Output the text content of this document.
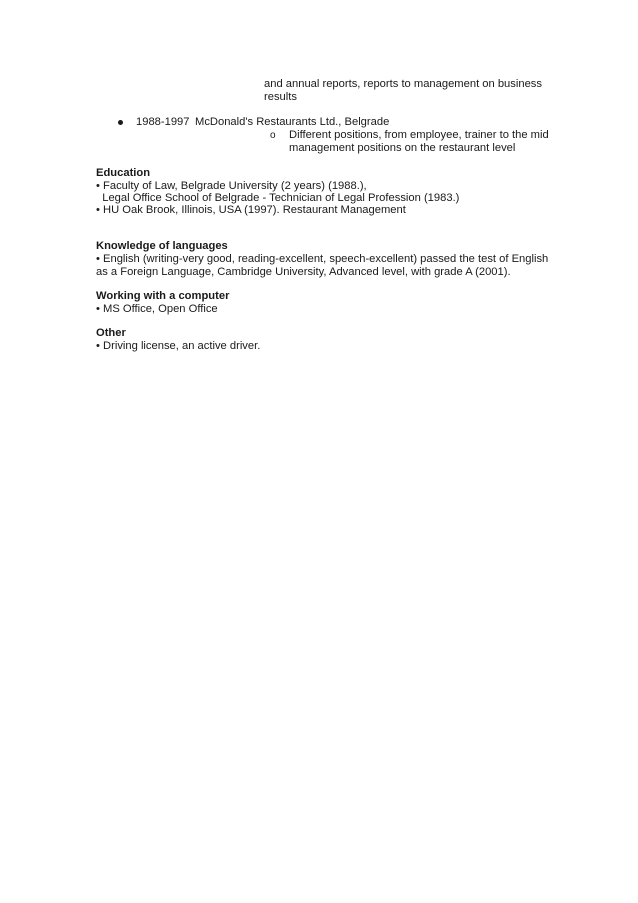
and annual reports, reports to management on business
results
1988-1997 McDonald's Restaurants Ltd., Belgrade
o Different positions, from employee, trainer to the mid
management positions on the restaurant level
Education
• Faculty of Law, Belgrade University (2 years) (1988.),
Legal Office School of Belgrade - Technician of Legal Profession (1983.)
• HU Oak Brook, Illinois, USA (1997). Restaurant Management
Knowledge of languages
• English (writing-very good, reading-excellent, speech-excellent) passed the test of English
as a Foreign Language, Cambridge University, Advanced level, with grade A (2001).
Working with a computer
• MS Office, Open Office
Other
• Driving license, an active driver.
